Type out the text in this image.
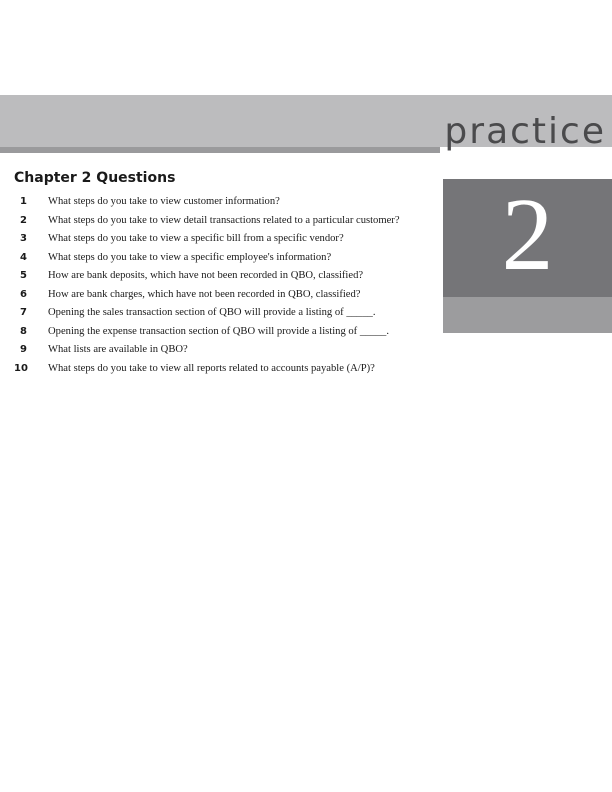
practice
2
Chapter 2 Questions
1	What steps do you take to view customer information?
2	What steps do you take to view detail transactions related to a particular customer?
3	What steps do you take to view a specific bill from a specific vendor?
4	What steps do you take to view a specific employee's information?
5	How are bank deposits, which have not been recorded in QBO, classified?
6	How are bank charges, which have not been recorded in QBO, classified?
7	Opening the sales transaction section of QBO will provide a listing of _____.
8	Opening the expense transaction section of QBO will provide a listing of _____.
9	What lists are available in QBO?
10	What steps do you take to view all reports related to accounts payable (A/P)?
